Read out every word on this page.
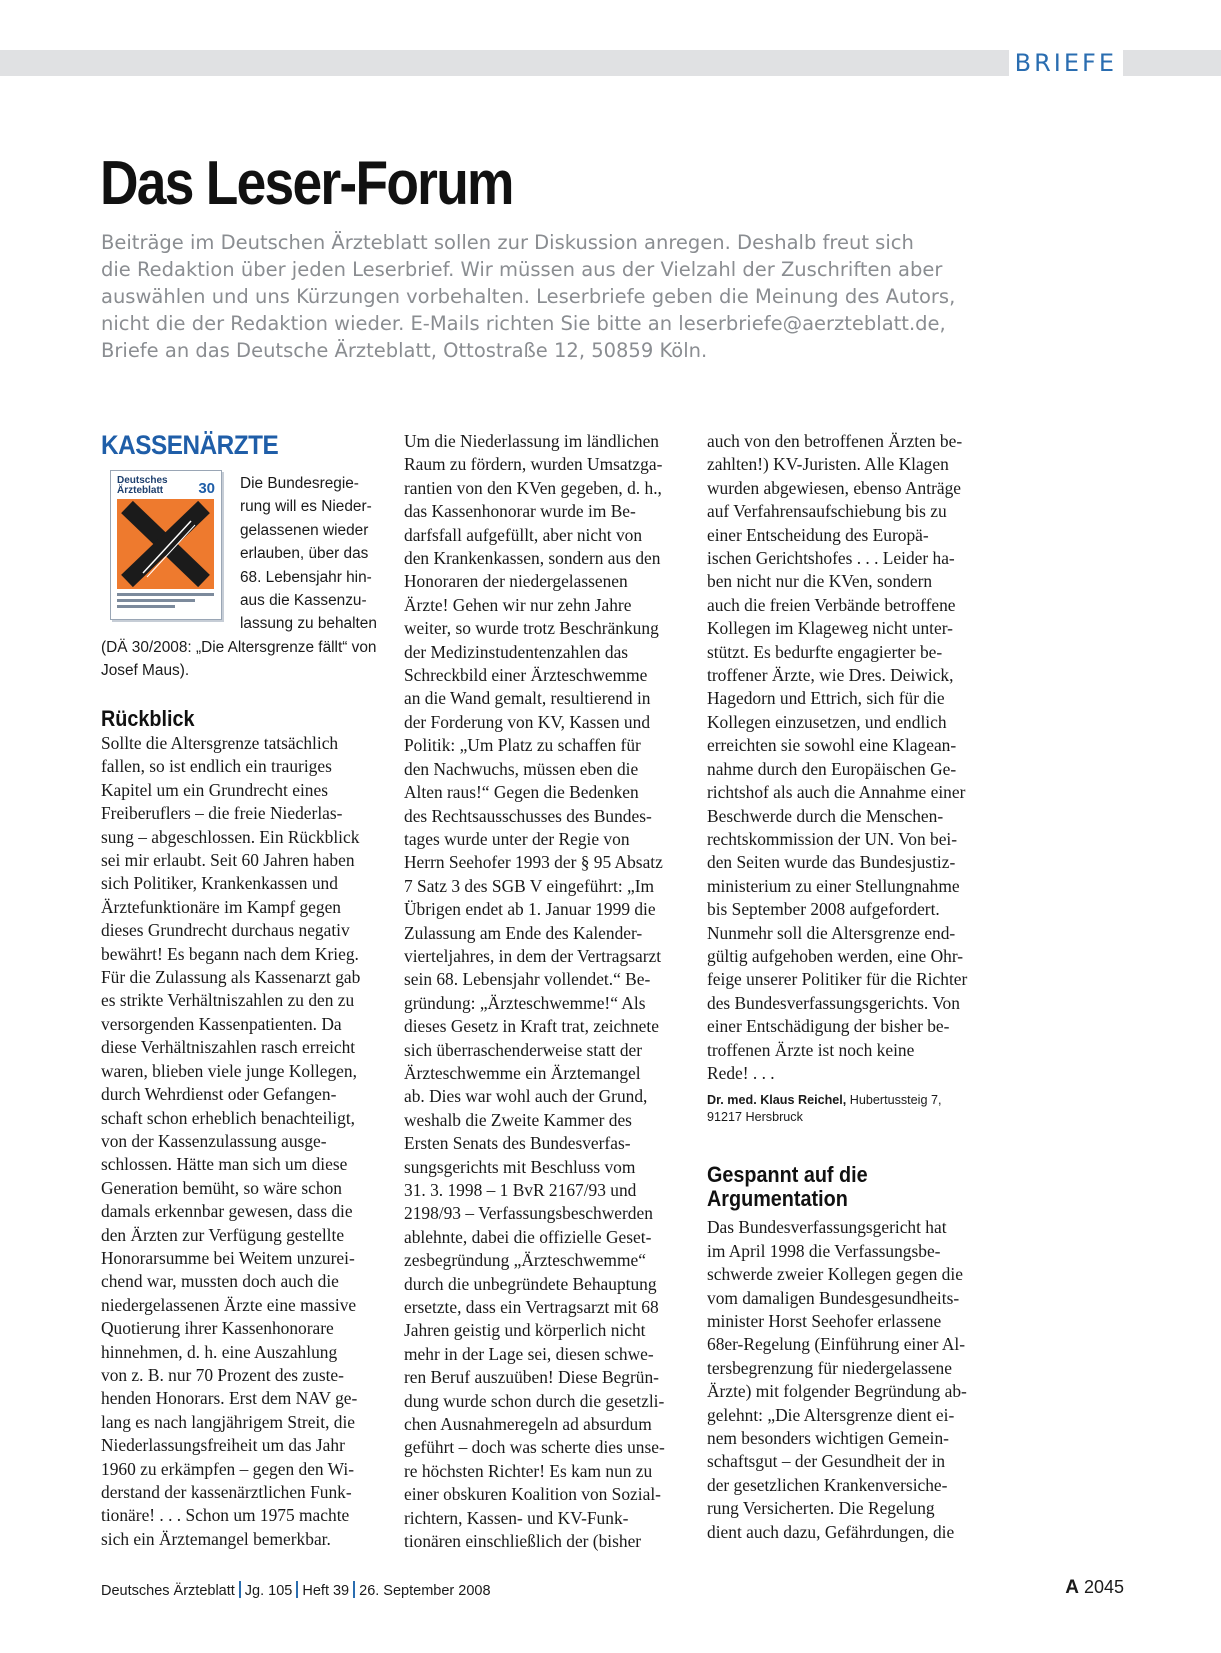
BRIEFE
Das Leser-Forum

Beiträge im Deutschen Ärzteblatt sollen zur Diskussion anregen. Deshalb freut sich

die Redaktion über jeden Leserbrief. Wir müssen aus der Vielzahl der Zuschriften aber

auswählen und uns Kürzungen vorbehalten. Leserbriefe geben die Meinung des Autors,

nicht die der Redaktion wieder. E-Mails richten Sie bitte an leserbriefe@aerzteblatt.de,

Briefe an das Deutsche Ärzteblatt, Ottostraße 12, 50859 Köln.

KASSENÄRZTE
Deutsches
Ärzteblatt 30	Die Bundesregie-

rung will es Nieder-

gelassenen wieder

erlauben, über das

68. Lebensjahr hin-

aus die Kassenzu-

lassung zu behalten

(DÄ 30/2008: „Die Altersgrenze fällt“ von

Josef Maus).

Rückblick

Sollte die Altersgrenze tatsächlich

fallen, so ist endlich ein trauriges

Kapitel um ein Grundrecht eines

Freiberuflers – die freie Niederlas-

sung – abgeschlossen. Ein Rückblick

sei mir erlaubt. Seit 60 Jahren haben

sich Politiker, Krankenkassen und

Ärztefunktionäre im Kampf gegen

dieses Grundrecht durchaus negativ

bewährt! Es begann nach dem Krieg.

Für die Zulassung als Kassenarzt gab

es strikte Verhältniszahlen zu den zu

versorgenden Kassenpatienten. Da

diese Verhältniszahlen rasch erreicht

waren, blieben viele junge Kollegen,

durch Wehrdienst oder Gefangen-

schaft schon erheblich benachteiligt,

von der Kassenzulassung ausge-

schlossen. Hätte man sich um diese

Generation bemüht, so wäre schon

damals erkennbar gewesen, dass die

den Ärzten zur Verfügung gestellte

Honorarsumme bei Weitem unzurei-

chend war, mussten doch auch die

niedergelassenen Ärzte eine massive

Quotierung ihrer Kassenhonorare

hinnehmen, d. h. eine Auszahlung

von z. B. nur 70 Prozent des zuste-

henden Honorars. Erst dem NAV ge-

lang es nach langjährigem Streit, die

Niederlassungsfreiheit um das Jahr

1960 zu erkämpfen – gegen den Wi-

derstand der kassenärztlichen Funk-

tionäre! . . . Schon um 1975 machte

sich ein Ärztemangel bemerkbar.

Um die Niederlassung im ländlichen

Raum zu fördern, wurden Umsatzga-

rantien von den KVen gegeben, d. h.,

das Kassenhonorar wurde im Be-

darfsfall aufgefüllt, aber nicht von

den Krankenkassen, sondern aus den

Honoraren der niedergelassenen

Ärzte! Gehen wir nur zehn Jahre

weiter, so wurde trotz Beschränkung

der Medizinstudentenzahlen das

Schreckbild einer Ärzteschwemme

an die Wand gemalt, resultierend in

der Forderung von KV, Kassen und

Politik: „Um Platz zu schaffen für

den Nachwuchs, müssen eben die

Alten raus!“ Gegen die Bedenken

des Rechtsausschusses des Bundes-

tages wurde unter der Regie von

Herrn Seehofer 1993 der § 95 Absatz

7 Satz 3 des SGB V eingeführt: „Im

Übrigen endet ab 1. Januar 1999 die

Zulassung am Ende des Kalender-

vierteljahres, in dem der Vertragsarzt

sein 68. Lebensjahr vollendet.“ Be-

gründung: „Ärzteschwemme!“ Als

dieses Gesetz in Kraft trat, zeichnete

sich überraschenderweise statt der

Ärzteschwemme ein Ärztemangel

ab. Dies war wohl auch der Grund,

weshalb die Zweite Kammer des

Ersten Senats des Bundesverfas-

sungsgerichts mit Beschluss vom

31. 3. 1998 – 1 BvR 2167/93 und

2198/93 – Verfassungsbeschwerden

ablehnte, dabei die offizielle Geset-

zesbegründung „Ärzteschwemme“

durch die unbegründete Behauptung

ersetzte, dass ein Vertragsarzt mit 68

Jahren geistig und körperlich nicht

mehr in der Lage sei, diesen schwe-

ren Beruf auszuüben! Diese Begrün-

dung wurde schon durch die gesetzli-

chen Ausnahmeregeln ad absurdum

geführt – doch was scherte dies unse-

re höchsten Richter! Es kam nun zu

einer obskuren Koalition von Sozial-

richtern, Kassen- und KV-Funk-

tionären einschließlich der (bisher

auch von den betroffenen Ärzten be-

zahlten!) KV-Juristen. Alle Klagen

wurden abgewiesen, ebenso Anträge

auf Verfahrensaufschiebung bis zu

einer Entscheidung des Europä-

ischen Gerichtshofes . . . Leider ha-

ben nicht nur die KVen, sondern

auch die freien Verbände betroffene

Kollegen im Klageweg nicht unter-

stützt. Es bedurfte engagierter be-

troffener Ärzte, wie Dres. Deiwick,

Hagedorn und Ettrich, sich für die

Kollegen einzusetzen, und endlich

erreichten sie sowohl eine Klagean-

nahme durch den Europäischen Ge-

richtshof als auch die Annahme einer

Beschwerde durch die Menschen-

rechtskommission der UN. Von bei-

den Seiten wurde das Bundesjustiz-

ministerium zu einer Stellungnahme

bis September 2008 aufgefordert.

Nunmehr soll die Altersgrenze end-

gültig aufgehoben werden, eine Ohr-

feige unserer Politiker für die Richter

des Bundesverfassungsgerichts. Von

einer Entschädigung der bisher be-

troffenen Ärzte ist noch keine

Rede! . . .

Dr. med. Klaus Reichel, Hubertussteig 7,

91217 Hersbruck

Gespannt auf die
Argumentation

Das Bundesverfassungsgericht hat

im April 1998 die Verfassungsbe-

schwerde zweier Kollegen gegen die

vom damaligen Bundesgesundheits-

minister Horst Seehofer erlassene

68er-Regelung (Einführung einer Al-

tersbegrenzung für niedergelassene

Ärzte) mit folgender Begründung ab-

gelehnt: „Die Altersgrenze dient ei-

nem besonders wichtigen Gemein-

schaftsgut – der Gesundheit der in

der gesetzlichen Krankenversiche-

rung Versicherten. Die Regelung

dient auch dazu, Gefährdungen, die

Deutsches Ärzteblatt Jg. 105 Heft 39 26. September 2008	A 2045
